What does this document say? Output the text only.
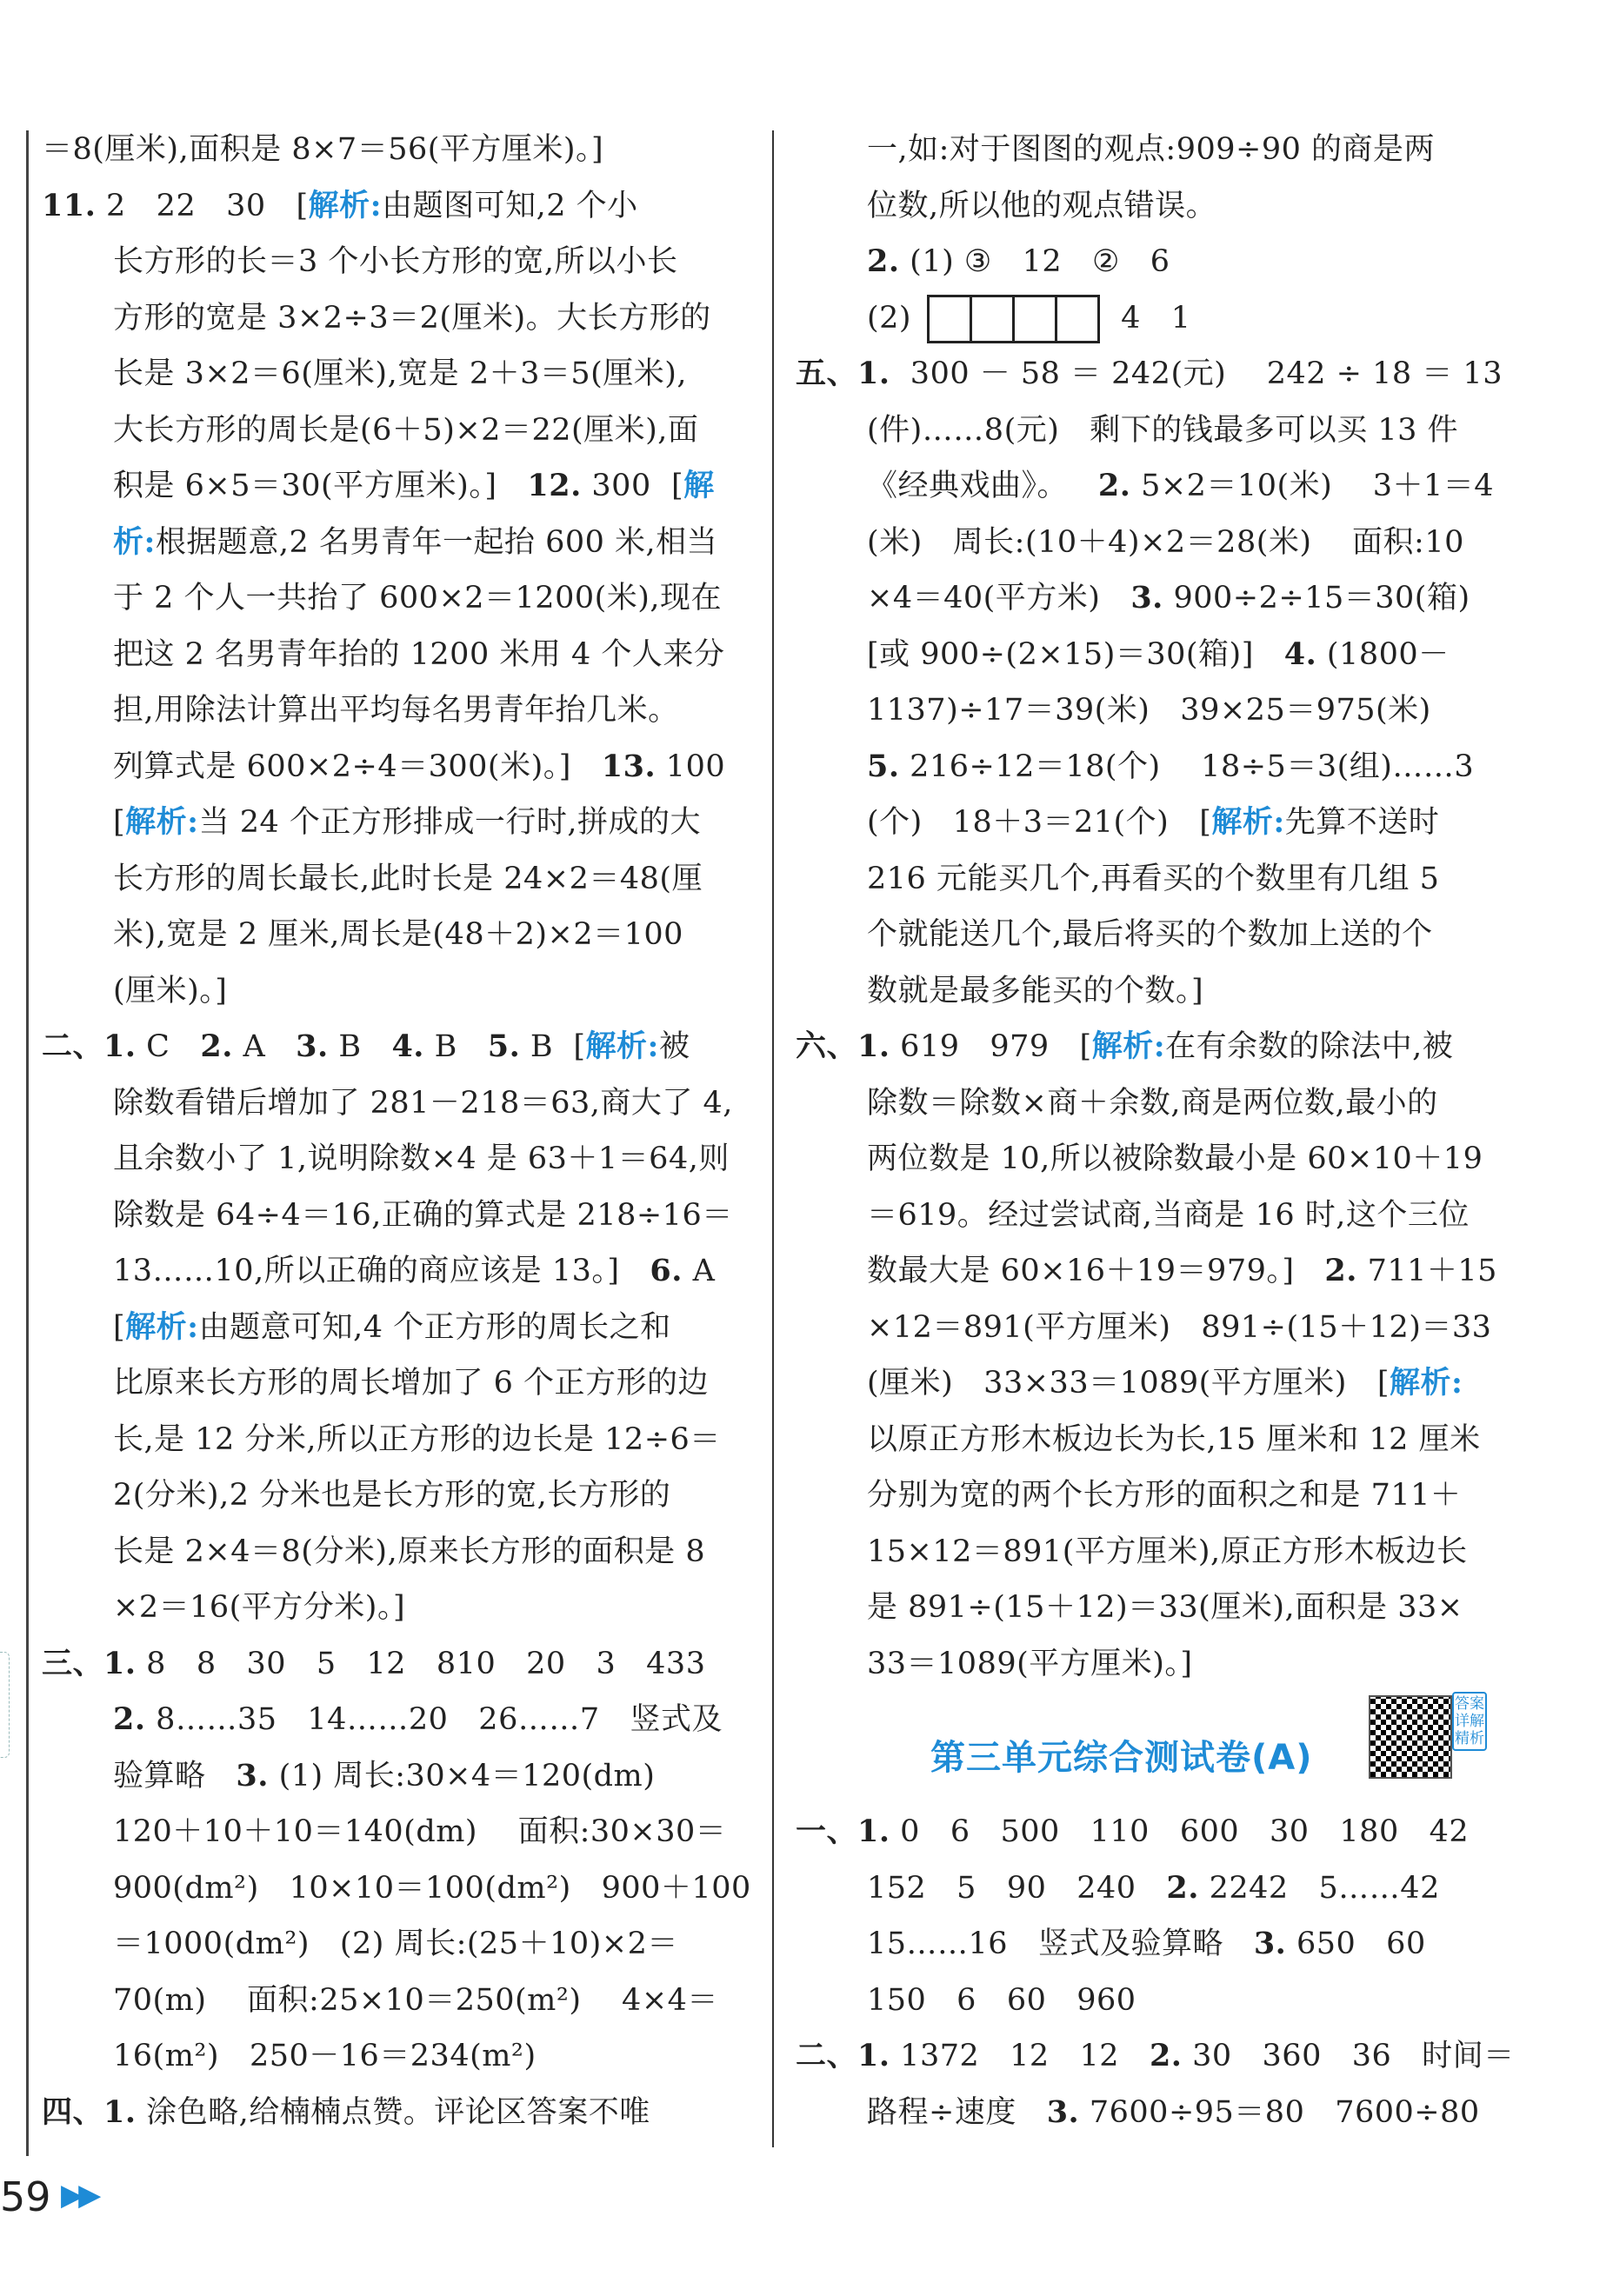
＝8(厘米),面积是 8×7＝56(平方厘米)。]
11. 2   22   30   [解析:由题图可知,2 个小
长方形的长＝3 个小长方形的宽,所以小长
方形的宽是 3×2÷3＝2(厘米)。大长方形的
长是 3×2＝6(厘米),宽是 2＋3＝5(厘米),
大长方形的周长是(6＋5)×2＝22(厘米),面
积是 6×5＝30(平方厘米)。]   12. 300  [解
析:根据题意,2 名男青年一起抬 600 米,相当
于 2 个人一共抬了 600×2＝1200(米),现在
把这 2 名男青年抬的 1200 米用 4 个人来分
担,用除法计算出平均每名男青年抬几米。
列算式是 600×2÷4＝300(米)。]   13. 100
[解析:当 24 个正方形排成一行时,拼成的大
长方形的周长最长,此时长是 24×2＝48(厘
米),宽是 2 厘米,周长是(48＋2)×2＝100
(厘米)。]
二、1. C   2. A   3. B   4. B   5. B  [解析:被
除数看错后增加了 281－218＝63,商大了 4,
且余数小了 1,说明除数×4 是 63＋1＝64,则
除数是 64÷4＝16,正确的算式是 218÷16＝
13……10,所以正确的商应该是 13。]   6. A
[解析:由题意可知,4 个正方形的周长之和
比原来长方形的周长增加了 6 个正方形的边
长,是 12 分米,所以正方形的边长是 12÷6＝
2(分米),2 分米也是长方形的宽,长方形的
长是 2×4＝8(分米),原来长方形的面积是 8
×2＝16(平方分米)。]
三、1. 8   8   30   5   12   810   20   3   433
2. 8……35   14……20   26……7   竖式及
验算略   3. (1) 周长:30×4＝120(dm)
120＋10＋10＝140(dm)    面积:30×30＝
900(dm²)   10×10＝100(dm²)   900＋100
＝1000(dm²)   (2) 周长:(25＋10)×2＝
70(m)    面积:25×10＝250(m²)    4×4＝
16(m²)   250－16＝234(m²)
四、1. 涂色略,给楠楠点赞。评论区答案不唯
一,如:对于图图的观点:909÷90 的商是两
位数,所以他的观点错误。
2. (1) ③   12   ②   6
(2)	4   1
五、1.  300 － 58 ＝ 242(元)    242 ÷ 18 ＝ 13
(件)……8(元)   剩下的钱最多可以买 13 件
《经典戏曲》。   2. 5×2＝10(米)    3＋1＝4
(米)   周长:(10＋4)×2＝28(米)    面积:10
×4＝40(平方米)   3. 900÷2÷15＝30(箱)
[或 900÷(2×15)＝30(箱)]   4. (1800－
1137)÷17＝39(米)   39×25＝975(米)
5. 216÷12＝18(个)    18÷5＝3(组)……3
(个)   18＋3＝21(个)   [解析:先算不送时
216 元能买几个,再看买的个数里有几组 5
个就能送几个,最后将买的个数加上送的个
数就是最多能买的个数。]
六、1. 619   979   [解析:在有余数的除法中,被
除数＝除数×商＋余数,商是两位数,最小的
两位数是 10,所以被除数最小是 60×10＋19
＝619。经过尝试商,当商是 16 时,这个三位
数最大是 60×16＋19＝979。]   2. 711＋15
×12＝891(平方厘米)   891÷(15＋12)＝33
(厘米)   33×33＝1089(平方厘米)   [解析:
以原正方形木板边长为长,15 厘米和 12 厘米
分别为宽的两个长方形的面积之和是 711＋
15×12＝891(平方厘米),原正方形木板边长
是 891÷(15＋12)＝33(厘米),面积是 33×
33＝1089(平方厘米)。]
一、1. 0   6   500   110   600   30   180   42
152   5   90   240   2. 2242   5……42
15……16   竖式及验算略   3. 650   60
150   6   60   960
二、1. 1372   12   12   2. 30   360   36   时间＝
路程÷速度   3. 7600÷95＝80   7600÷80
第三单元综合测试卷(A)
答案详解精析
59 ▶▶
